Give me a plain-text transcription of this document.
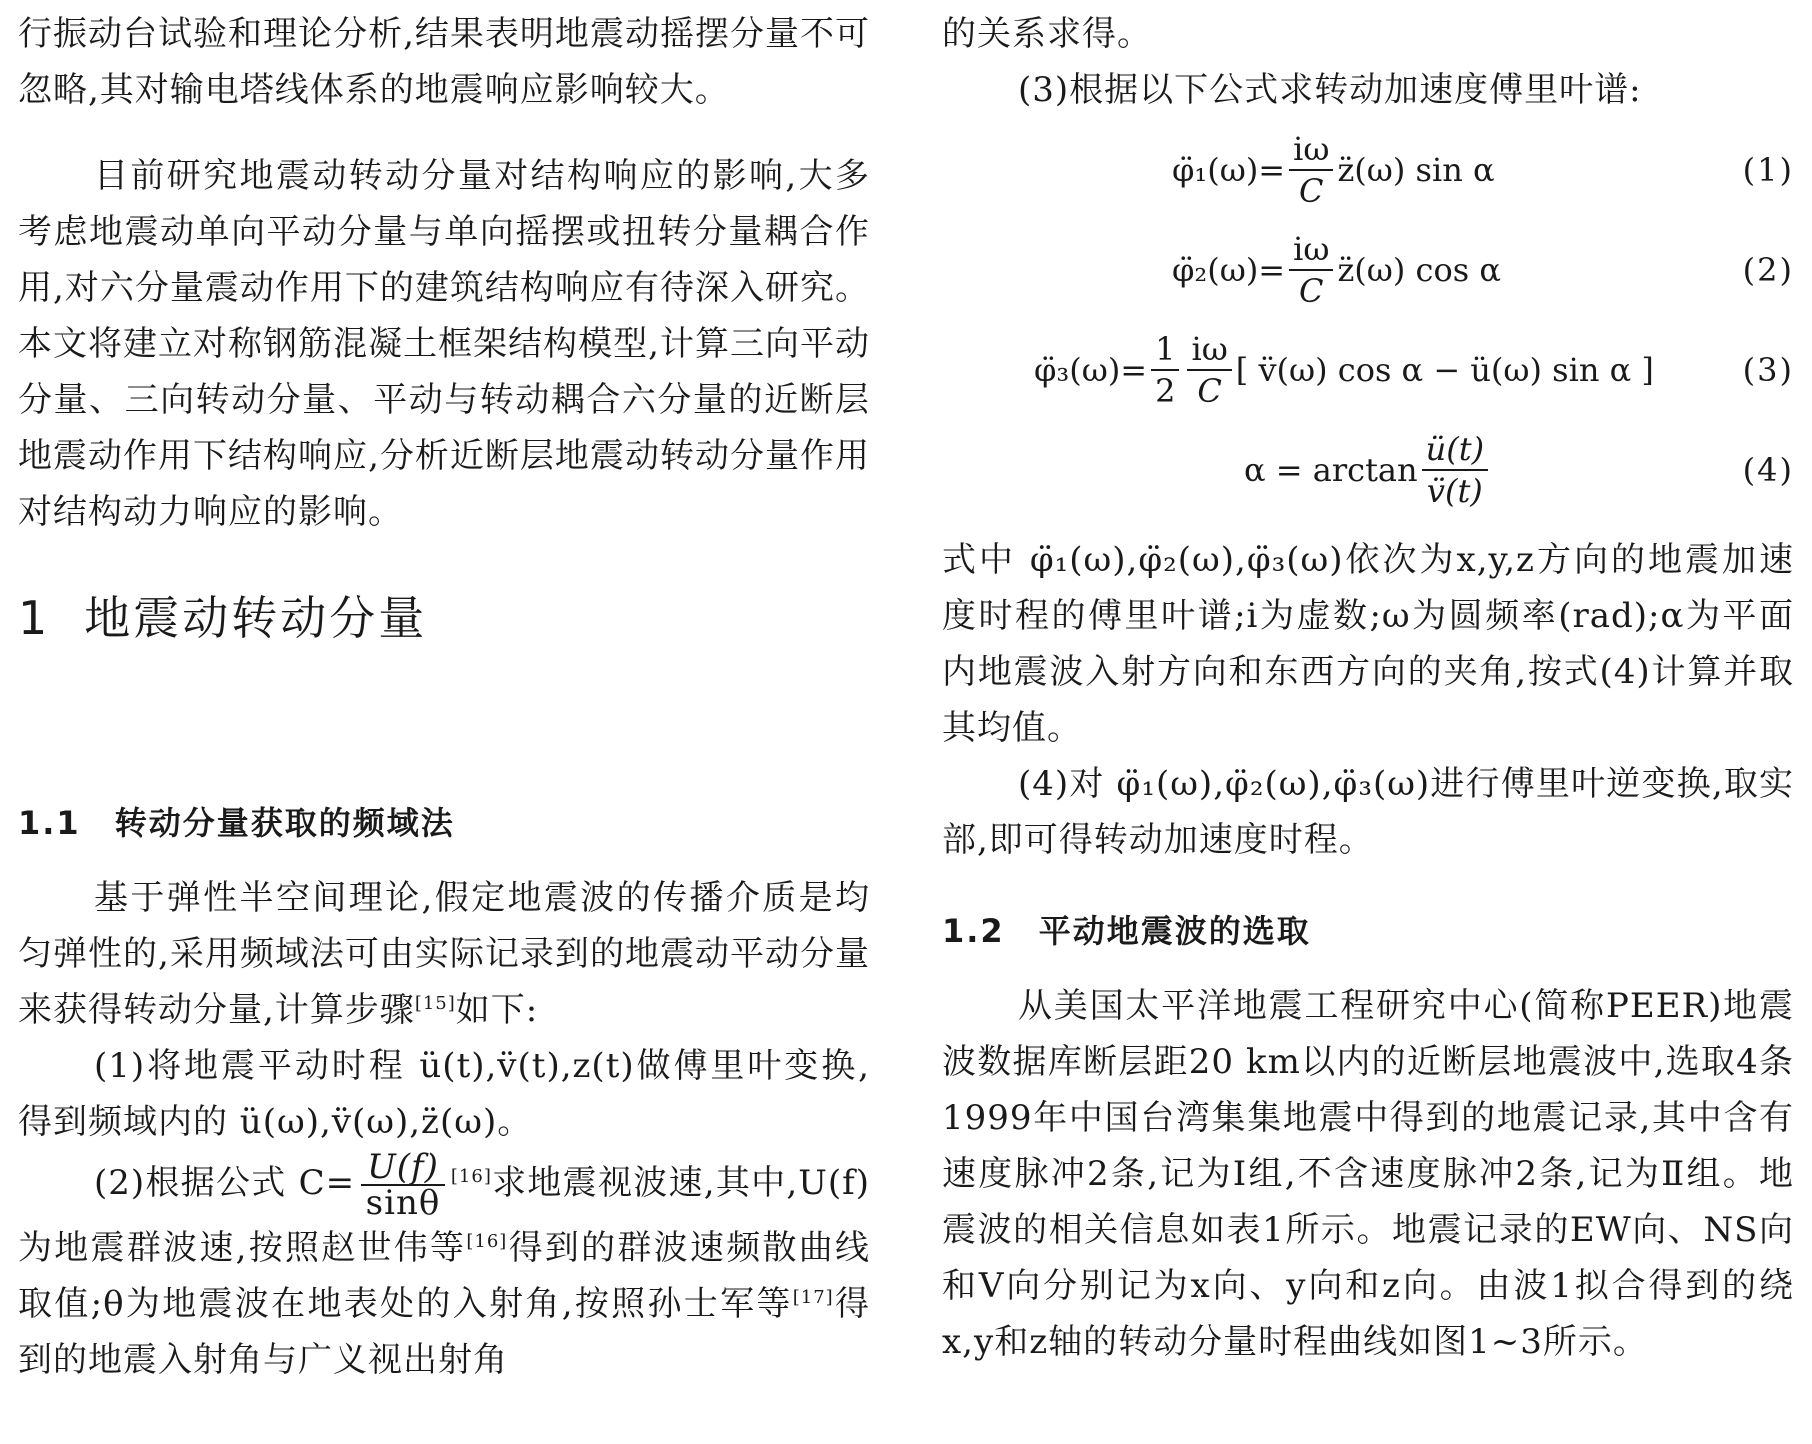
行振动台试验和理论分析,结果表明地震动摇摆分量不可忽略,其对输电塔线体系的地震响应影响较大。

目前研究地震动转动分量对结构响应的影响,大多考虑地震动单向平动分量与单向摇摆或扭转分量耦合作用,对六分量震动作用下的建筑结构响应有待深入研究。本文将建立对称钢筋混凝土框架结构模型,计算三向平动分量、三向转动分量、平动与转动耦合六分量的近断层地震动作用下结构响应,分析近断层地震动转动分量作用对结构动力响应的影响。

1 地震动转动分量
1.1 转动分量获取的频域法

基于弹性半空间理论,假定地震波的传播介质是均匀弹性的,采用频域法可由实际记录到的地震动平动分量来获得转动分量,计算步骤[15]如下:

(1)将地震平动时程 ü(t),v̈(t),z(t)做傅里叶变换,得到频域内的 ü(ω),v̈(ω),z̈(ω)。

(2)根据公式 $C= \frac{U(f)}{\sin\theta} [16]$求地震视波速,其中,U(f)为地震群波速,按照赵世伟等[16]得到的群波速频散曲线取值;θ为地震波在地表处的入射角,按照孙士军等[17]得到的地震入射角与广义视出射角

的关系求得。

(3)根据以下公式求转动加速度傅里叶谱:

φ̈₁(ω)= $\frac{i\omega}{C}$ z̈(ω) sin α	(1)
φ̈₂(ω)= $\frac{i\omega}{C}$ z̈(ω) cos α	(2)
φ̈₃(ω)= $\frac{1}{2} \frac{i\omega}{C}$ [ v̈(ω) cos α − ü(ω) sin α ]	(3)
$\alpha = \arctan \frac{ü(t)}{v̈(t)}$	(4)

式中 φ̈₁(ω),φ̈₂(ω),φ̈₃(ω)依次为x,y,z方向的地震加速度时程的傅里叶谱;i为虚数;ω为圆频率(rad);α为平面内地震波入射方向和东西方向的夹角,按式(4)计算并取其均值。

(4)对 φ̈₁(ω),φ̈₂(ω),φ̈₃(ω)进行傅里叶逆变换,取实部,即可得转动加速度时程。

1.2 平动地震波的选取

从美国太平洋地震工程研究中心(简称PEER)地震波数据库断层距20 km以内的近断层地震波中,选取4条1999年中国台湾集集地震中得到的地震记录,其中含有速度脉冲2条,记为Ⅰ组,不含速度脉冲2条,记为Ⅱ组。地震波的相关信息如表1所示。地震记录的EW向、NS向和V向分别记为x向、y向和z向。由波1拟合得到的绕x,y和z轴的转动分量时程曲线如图1~3所示。
